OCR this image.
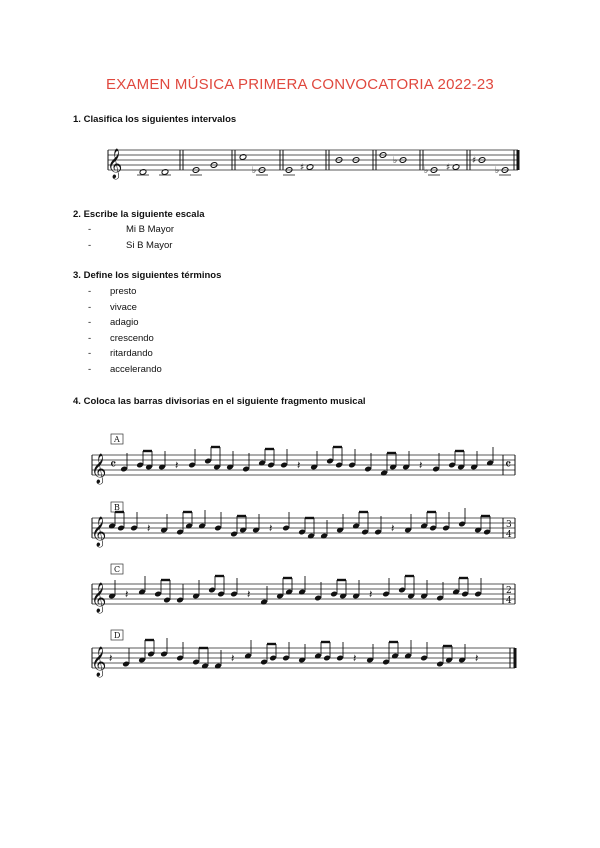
EXAMEN MÚSICA PRIMERA CONVOCATORIA 2022-23
1. Clasifica los siguientes intervalos
2. Escribe la siguiente escala
-	Mi B Mayor
-	Si B Mayor
3. Define los siguientes términos
-	presto
-	vivace
-	adagio
-	crescendo
-	ritardando
-	accelerando
4. Coloca las barras divisorias en el siguiente fragmento musical
𝄞	♭	♯
♭
♭ ♯
♯
♭
A
𝄞 𝄴	𝄽	𝄽	𝄽	𝄴
B
𝄞	𝄽	𝄽	𝄽	3
4
C
𝄞 𝄽	𝄽	𝄽	2
4
D
𝄞 𝄽	𝄽	𝄽	𝄽
